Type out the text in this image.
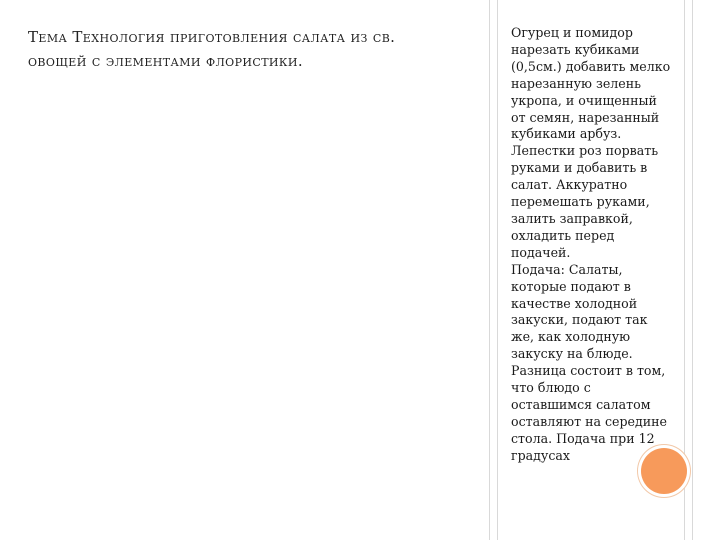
Тема Технология приготовления салата из св. овощей с элементами флористики.

Огурец и помидор
нарезать кубиками
(0,5см.) добавить мелко
нарезанную зелень
укропа, и очищенный
от семян, нарезанный
кубиками арбуз.
Лепестки роз порвать
руками и добавить в
салат. Аккуратно
перемешать руками,
залить заправкой,
охладить перед
подачей.
Подача: Салаты,
которые подают в
качестве холодной
закуски, подают так
же, как холодную
закуску на блюде.
Разница состоит в том,
что блюдо с
оставшимся салатом
оставляют на середине
стола. Подача при 12
градусах
